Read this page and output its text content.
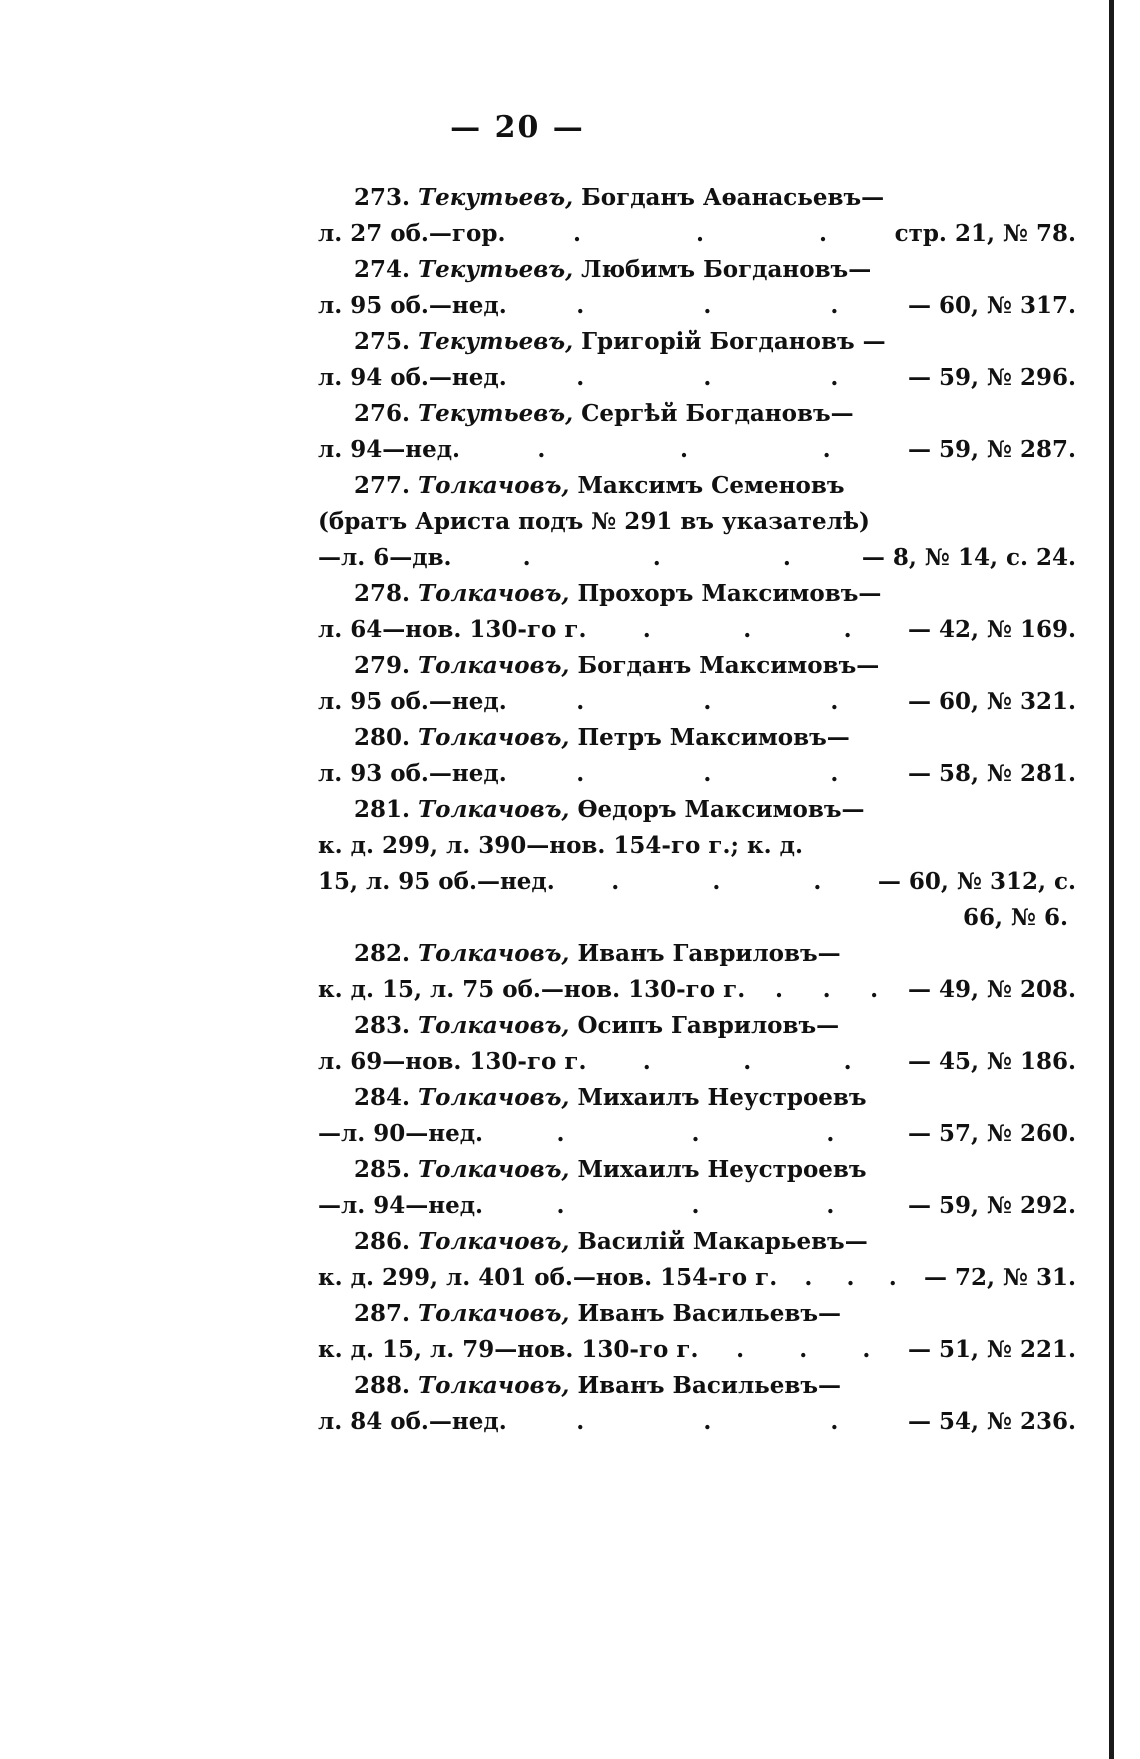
— 20 —
273. Текутьевъ, Богданъ Аѳанасьевъ—
л. 27 об.—гор.	.	.	.	стр. 21, № 78.
274. Текутьевъ, Любимъ Богдановъ—
л. 95 об.—нед.	.	.	.	— 60, № 317.
275. Текутьевъ, Григорій Богдановъ —
л. 94 об.—нед.	.	.	.	— 59, № 296.
276. Текутьевъ, Сергѣй Богдановъ—
л. 94—нед.	.	.	.	— 59, № 287.
277. Толкачовъ, Максимъ Семеновъ
(братъ Ариста подъ № 291 въ указателѣ)
—л. 6—дв.	.	.	.	— 8, № 14, с. 24.
278. Толкачовъ, Прохоръ Максимовъ—
л. 64—нов. 130-го г. .	.	. — 42, № 169.
279. Толкачовъ, Богданъ Максимовъ—
л. 95 об.—нед.	.	.	.	— 60, № 321.
280. Толкачовъ, Петръ Максимовъ—
л. 93 об.—нед.	.	.	.	— 58, № 281.
281. Толкачовъ, Ѳедоръ Максимовъ—
к. д. 299, л. 390—нов. 154-го г.; к. д.
15, л. 95 об.—нед. .	.	. — 60, № 312, с.
66, № 6.
282. Толкачовъ, Иванъ Гавриловъ—
к. д. 15, л. 75 об.—нов. 130-го г. . . . — 49, № 208.
283. Толкачовъ, Осипъ Гавриловъ—
л. 69—нов. 130-го г. .	.	. — 45, № 186.
284. Толкачовъ, Михаилъ Неустроевъ
—л. 90—нед.	.	.	.	— 57, № 260.
285. Толкачовъ, Михаилъ Неустроевъ
—л. 94—нед.	.	.	.	— 59, № 292.
286. Толкачовъ, Василій Макарьевъ—
к. д. 299, л. 401 об.—нов. 154-го г. . . . — 72, № 31.
287. Толкачовъ, Иванъ Васильевъ—
к. д. 15, л. 79—нов. 130-го г. . . . — 51, № 221.
288. Толкачовъ, Иванъ Васильевъ—
л. 84 об.—нед.	.	.	.	— 54, № 236.
